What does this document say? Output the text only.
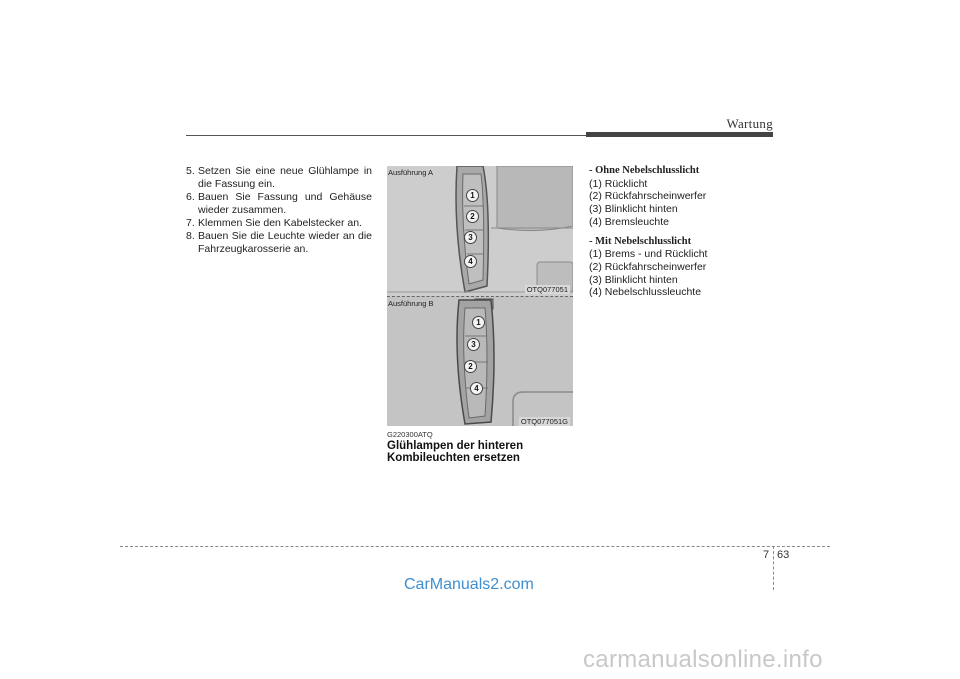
Wartung
5. Setzen Sie eine neue Glühlampe in die Fassung ein.
6. Bauen Sie Fassung und Gehäuse wieder zusammen.
7. Klemmen Sie den Kabelstecker an.
8. Bauen Sie die Leuchte wieder an die Fahrzeugkarosserie an.
Ausführung A
1
2
3
4
OTQ077051
Ausführung B
1
3
2
4
OTQ077051G
G220300ATQ
Glühlampen der hinteren Kombileuchten ersetzen
- Ohne Nebelschlusslicht
(1) Rücklicht
(2) Rückfahrscheinwerfer
(3) Blinklicht hinten
(4) Bremsleuchte
- Mit Nebelschlusslicht
(1) Brems - und Rücklicht
(2) Rückfahrscheinwerfer
(3) Blinklicht hinten
(4) Nebelschlussleuchte
7 63
CarManuals2.com
carmanualsonline.info
